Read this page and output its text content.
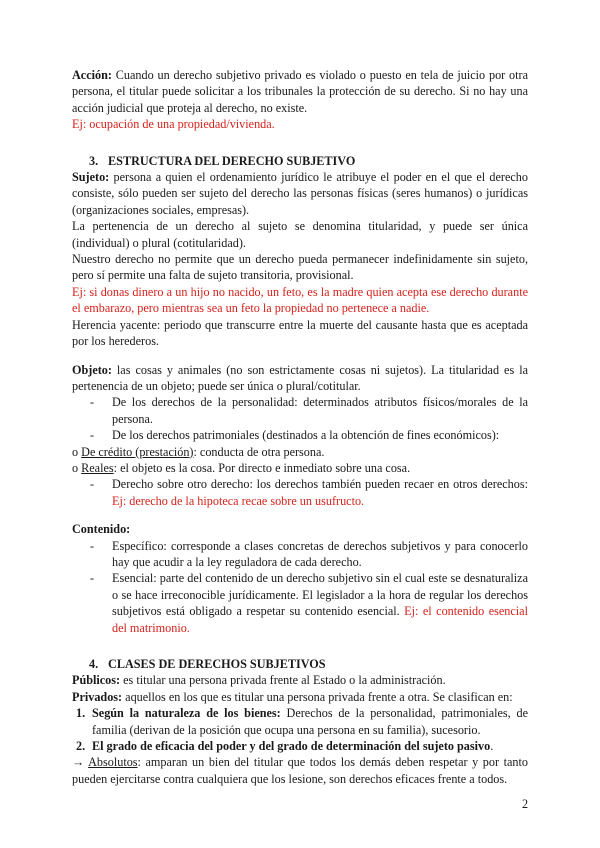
Acción: Cuando un derecho subjetivo privado es violado o puesto en tela de juicio por otra persona, el titular puede solicitar a los tribunales la protección de su derecho. Si no hay una acción judicial que proteja al derecho, no existe.

Ej: ocupación de una propiedad/vivienda.

3. ESTRUCTURA DEL DERECHO SUBJETIVO

Sujeto: persona a quien el ordenamiento jurídico le atribuye el poder en el que el derecho consiste, sólo pueden ser sujeto del derecho las personas físicas (seres humanos) o jurídicas (organizaciones sociales, empresas).

La pertenencia de un derecho al sujeto se denomina titularidad, y puede ser única (individual) o plural (cotitularidad).

Nuestro derecho no permite que un derecho pueda permanecer indefinidamente sin sujeto, pero sí permite una falta de sujeto transitoria, provisional.

Ej: si donas dinero a un hijo no nacido, un feto, es la madre quien acepta ese derecho durante el embarazo, pero mientras sea un feto la propiedad no pertenece a nadie.

Herencia yacente: periodo que transcurre entre la muerte del causante hasta que es aceptada por los herederos.

Objeto: las cosas y animales (no son estrictamente cosas ni sujetos). La titularidad es la pertenencia de un objeto; puede ser única o plural/cotitular.

- De los derechos de la personalidad: determinados atributos físicos/morales de la persona.

- De los derechos patrimoniales (destinados a la obtención de fines económicos):

o De crédito (prestación): conducta de otra persona.

o Reales: el objeto es la cosa. Por directo e inmediato sobre una cosa.

- Derecho sobre otro derecho: los derechos también pueden recaer en otros derechos: Ej: derecho de la hipoteca recae sobre un usufructo.

Contenido:

- Específico: corresponde a clases concretas de derechos subjetivos y para conocerlo hay que acudir a la ley reguladora de cada derecho.

- Esencial: parte del contenido de un derecho subjetivo sin el cual este se desnaturaliza o se hace irreconocible jurídicamente. El legislador a la hora de regular los derechos subjetivos está obligado a respetar su contenido esencial. Ej: el contenido esencial del matrimonio.

4. CLASES DE DERECHOS SUBJETIVOS

Públicos: es titular una persona privada frente al Estado o la administración.

Privados: aquellos en los que es titular una persona privada frente a otra. Se clasifican en:

1. Según la naturaleza de los bienes: Derechos de la personalidad, patrimoniales, de familia (derivan de la posición que ocupa una persona en su familia), sucesorio.

2. El grado de eficacia del poder y del grado de determinación del sujeto pasivo.

→ Absolutos: amparan un bien del titular que todos los demás deben respetar y por tanto pueden ejercitarse contra cualquiera que los lesione, son derechos eficaces frente a todos.

2
